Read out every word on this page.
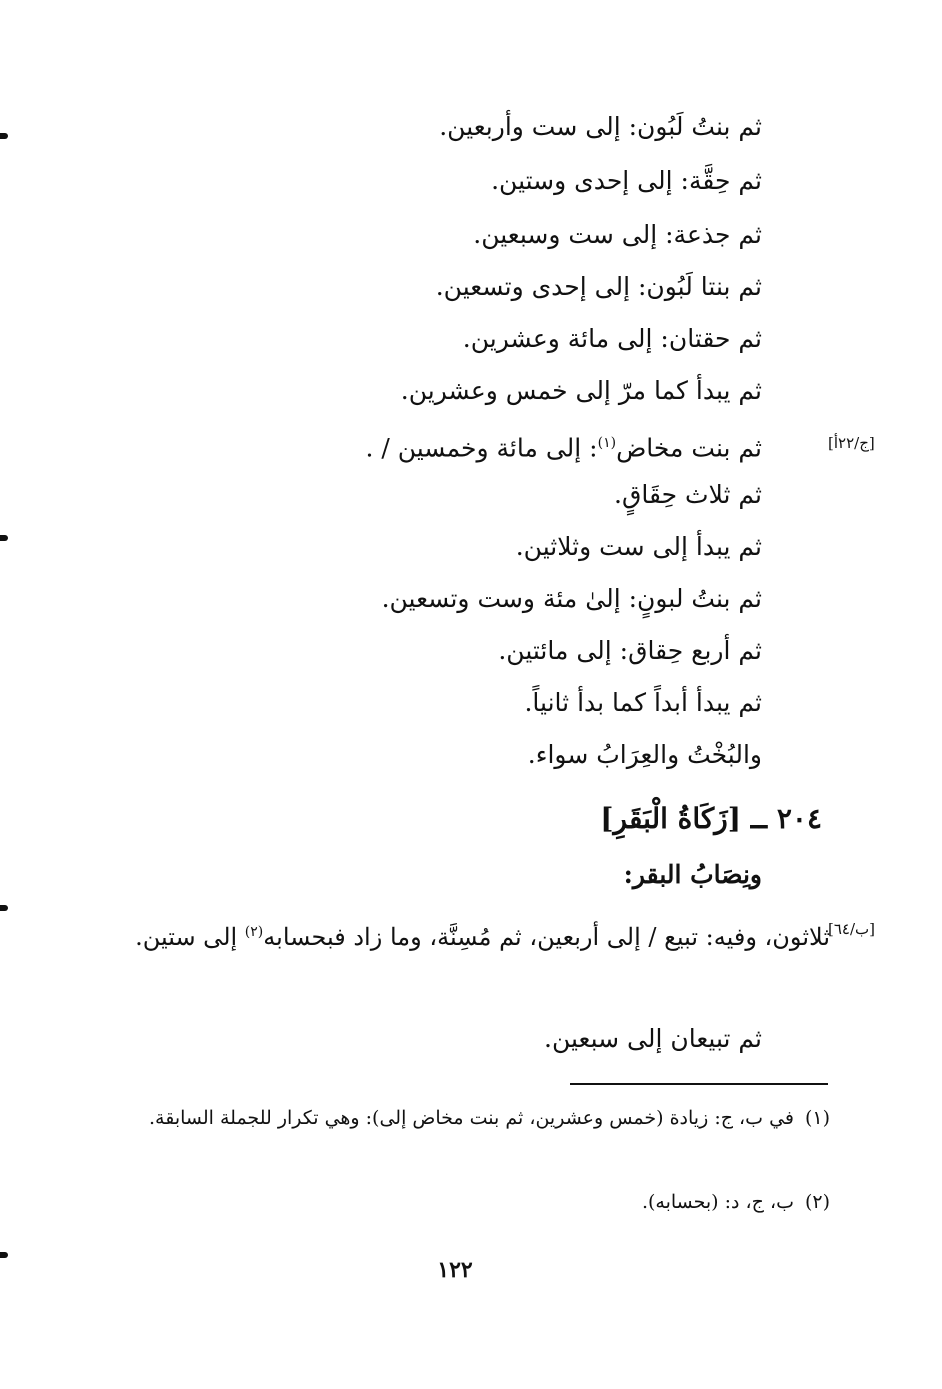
ثم بنتُ لَبُون: إلى ست وأربعين.
ثم حِقَّة: إلى إحدى وستين.
ثم جذعة: إلى ست وسبعين.
ثم بنتا لَبُون: إلى إحدى وتسعين.
ثم حقتان: إلى مائة وعشرين.
ثم يبدأ كما مرّ إلى خمس وعشرين.
ثم بنت مخاض$^{(١)}$: إلى مائة وخمسين / .	[ج/٢٢أ]
ثم ثلاث حِقَاقٍ.
ثم يبدأ إلى ست وثلاثين.
ثم بنتُ لبونٍ: إلىٰ مئة وست وتسعين.
ثم أربع حِقاق: إلى مائتين.
ثم يبدأ أبداً كما بدأ ثانياً.
والبُخْتُ والعِرَابُ سواء.
٢٠٤ ــ [زَكَاةُ الْبَقَرِ]
ونِصَابُ البقر:
ثلاثون، وفيه: تبيع / إلى أربعين، ثم مُسِنَّة، وما زاد فبحسابه$^{(٢)}$ إلى ستين.	[ب/٦٤]
ثم تبيعان إلى سبعين.
(١)في ب، ج: زيادة (خمس وعشرين، ثم بنت مخاض إلى): وهي تكرار للجملة السابقة.
(٢)ب، ج، د: (بحسابه).
١٢٢
